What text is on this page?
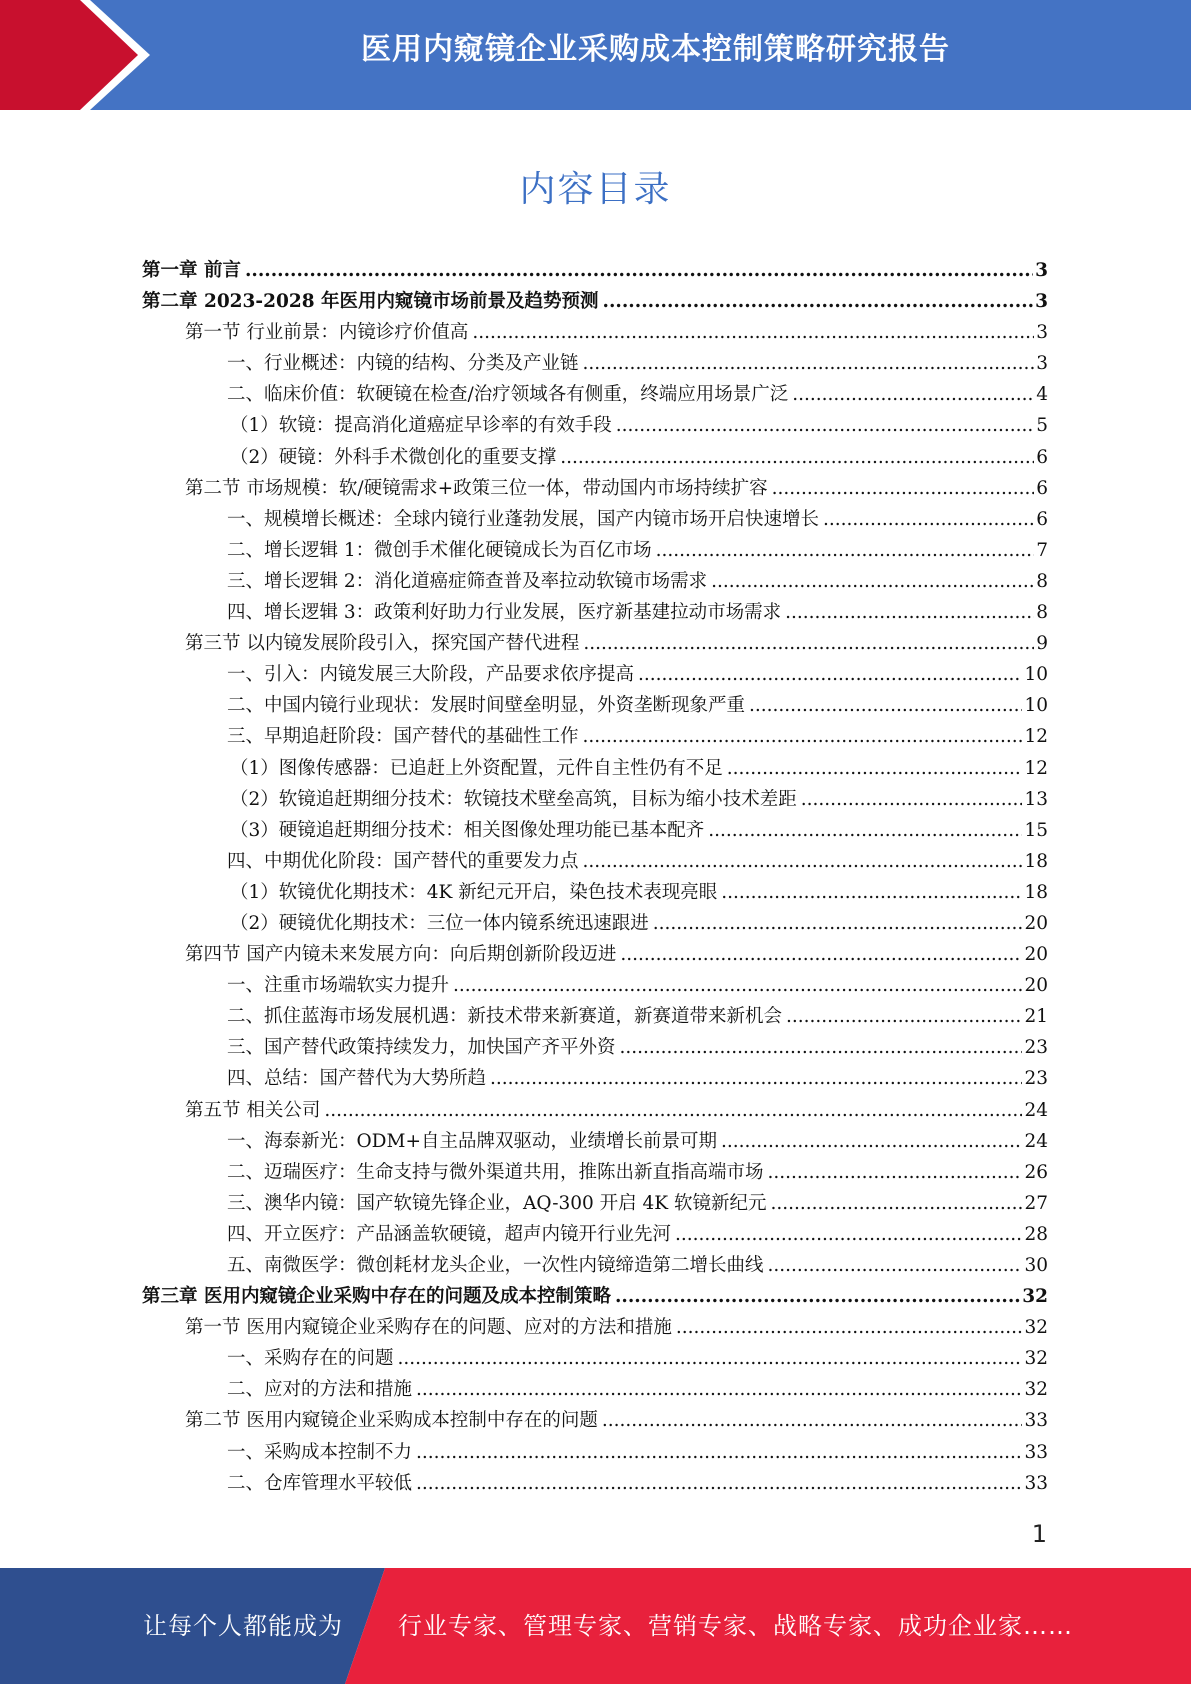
医用内窥镜企业采购成本控制策略研究报告
内容目录
第一章 前言 .....	3
第二章 2023-2028 年医用内窥镜市场前景及趋势预测 .....	3
第一节 行业前景：内镜诊疗价值高 .....	3
一、行业概述：内镜的结构、分类及产业链 .....	3
二、临床价值：软硬镜在检查/治疗领域各有侧重，终端应用场景广泛 .....	4
（1）软镜：提高消化道癌症早诊率的有效手段 .....	5
（2）硬镜：外科手术微创化的重要支撑 .....	6
第二节 市场规模：软/硬镜需求+政策三位一体，带动国内市场持续扩容 .....	6
一、规模增长概述：全球内镜行业蓬勃发展，国产内镜市场开启快速增长 .....	6
二、增长逻辑 1：微创手术催化硬镜成长为百亿市场 .....	7
三、增长逻辑 2：消化道癌症筛查普及率拉动软镜市场需求 .....	8
四、增长逻辑 3：政策利好助力行业发展，医疗新基建拉动市场需求 .....	8
第三节 以内镜发展阶段引入，探究国产替代进程 .....	9
一、引入：内镜发展三大阶段，产品要求依序提高 .....	10
二、中国内镜行业现状：发展时间壁垒明显，外资垄断现象严重 .....	10
三、早期追赶阶段：国产替代的基础性工作 .....	12
（1）图像传感器：已追赶上外资配置，元件自主性仍有不足 .....	12
（2）软镜追赶期细分技术：软镜技术壁垒高筑，目标为缩小技术差距 .....	13
（3）硬镜追赶期细分技术：相关图像处理功能已基本配齐 .....	15
四、中期优化阶段：国产替代的重要发力点 .....	18
（1）软镜优化期技术：4K 新纪元开启，染色技术表现亮眼 .....	18
（2）硬镜优化期技术：三位一体内镜系统迅速跟进 .....	20
第四节 国产内镜未来发展方向：向后期创新阶段迈进 .....	20
一、注重市场端软实力提升 .....	20
二、抓住蓝海市场发展机遇：新技术带来新赛道，新赛道带来新机会 .....	21
三、国产替代政策持续发力，加快国产齐平外资 .....	23
四、总结：国产替代为大势所趋 .....	23
第五节 相关公司 .....	24
一、海泰新光：ODM+自主品牌双驱动，业绩增长前景可期 .....	24
二、迈瑞医疗：生命支持与微外渠道共用，推陈出新直指高端市场 .....	26
三、澳华内镜：国产软镜先锋企业，AQ-300 开启 4K 软镜新纪元 .....	27
四、开立医疗：产品涵盖软硬镜，超声内镜开行业先河 .....	28
五、南微医学：微创耗材龙头企业，一次性内镜缔造第二增长曲线 .....	30
第三章 医用内窥镜企业采购中存在的问题及成本控制策略 .....	32
第一节 医用内窥镜企业采购存在的问题、应对的方法和措施 .....	32
一、采购存在的问题 .....	32
二、应对的方法和措施 .....	32
第二节 医用内窥镜企业采购成本控制中存在的问题 .....	33
一、采购成本控制不力 .....	33
二、仓库管理水平较低 .....	33
1
让每个人都能成为 行业专家、管理专家、营销专家、战略专家、成功企业家……
